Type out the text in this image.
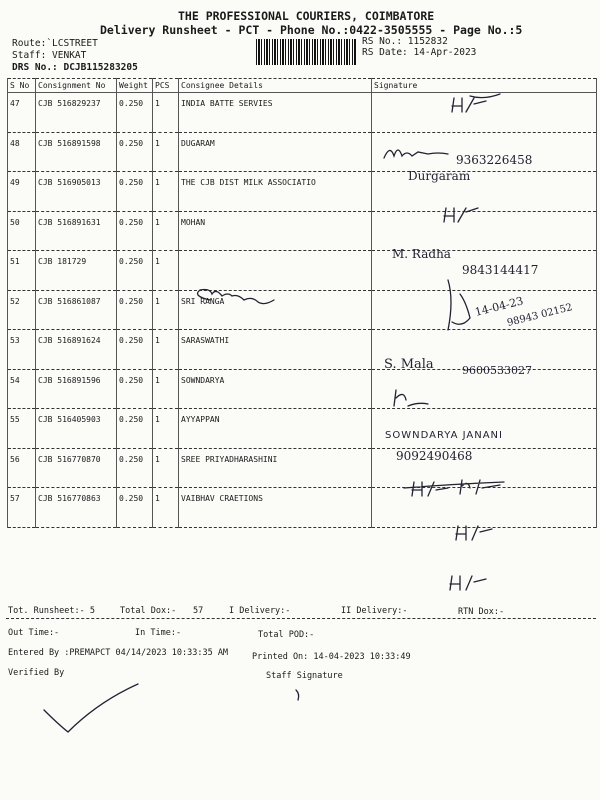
THE PROFESSIONAL COURIERS, COIMBATORE
Delivery Runsheet - PCT - Phone No.:0422-3505555 - Page No.:5
Route:`LCSTREET
Staff: VENKAT
DRS No.: DCJB115283205
RS No.: 1152832
RS Date: 14-Apr-2023
S No	Consignment No	Weight	PCS	Consignee Details	Signature
47	CJB 516829237	0.250	1	INDIA BATTE SERVIES	
48	CJB 516891598	0.250	1	DUGARAM	
49	CJB 516905013	0.250	1	THE CJB DIST MILK ASSOCIATIO	
50	CJB 516891631	0.250	1	MOHAN	
51	CJB 181729	0.250	1		
52	CJB 516861087	0.250	1	SRI RANGA	
53	CJB 516891624	0.250	1	SARASWATHI	
54	CJB 516891596	0.250	1	SOWNDARYA	
55	CJB 516405903	0.250	1	AYYAPPAN	
56	CJB 516770870	0.250	1	SREE PRIYADHARASHINI	
57	CJB 516770863	0.250	1	VAIBHAV CRAETIONS	
9363226458
Durgaram
M. Radha
9843144417
14-04-23
98943 02152
S. Mala	9600533027
SOWNDARYA JANANI
9092490468
Tot. Runsheet:- 5	Total Dox:- 57	I Delivery:-	II Delivery:-	RTN Dox:-
Out Time:-	In Time:-	Total POD:-
Entered By :PREMAPCT 04/14/2023 10:33:35 AM	Printed On: 14-04-2023 10:33:49
Verified By	Staff Signature
